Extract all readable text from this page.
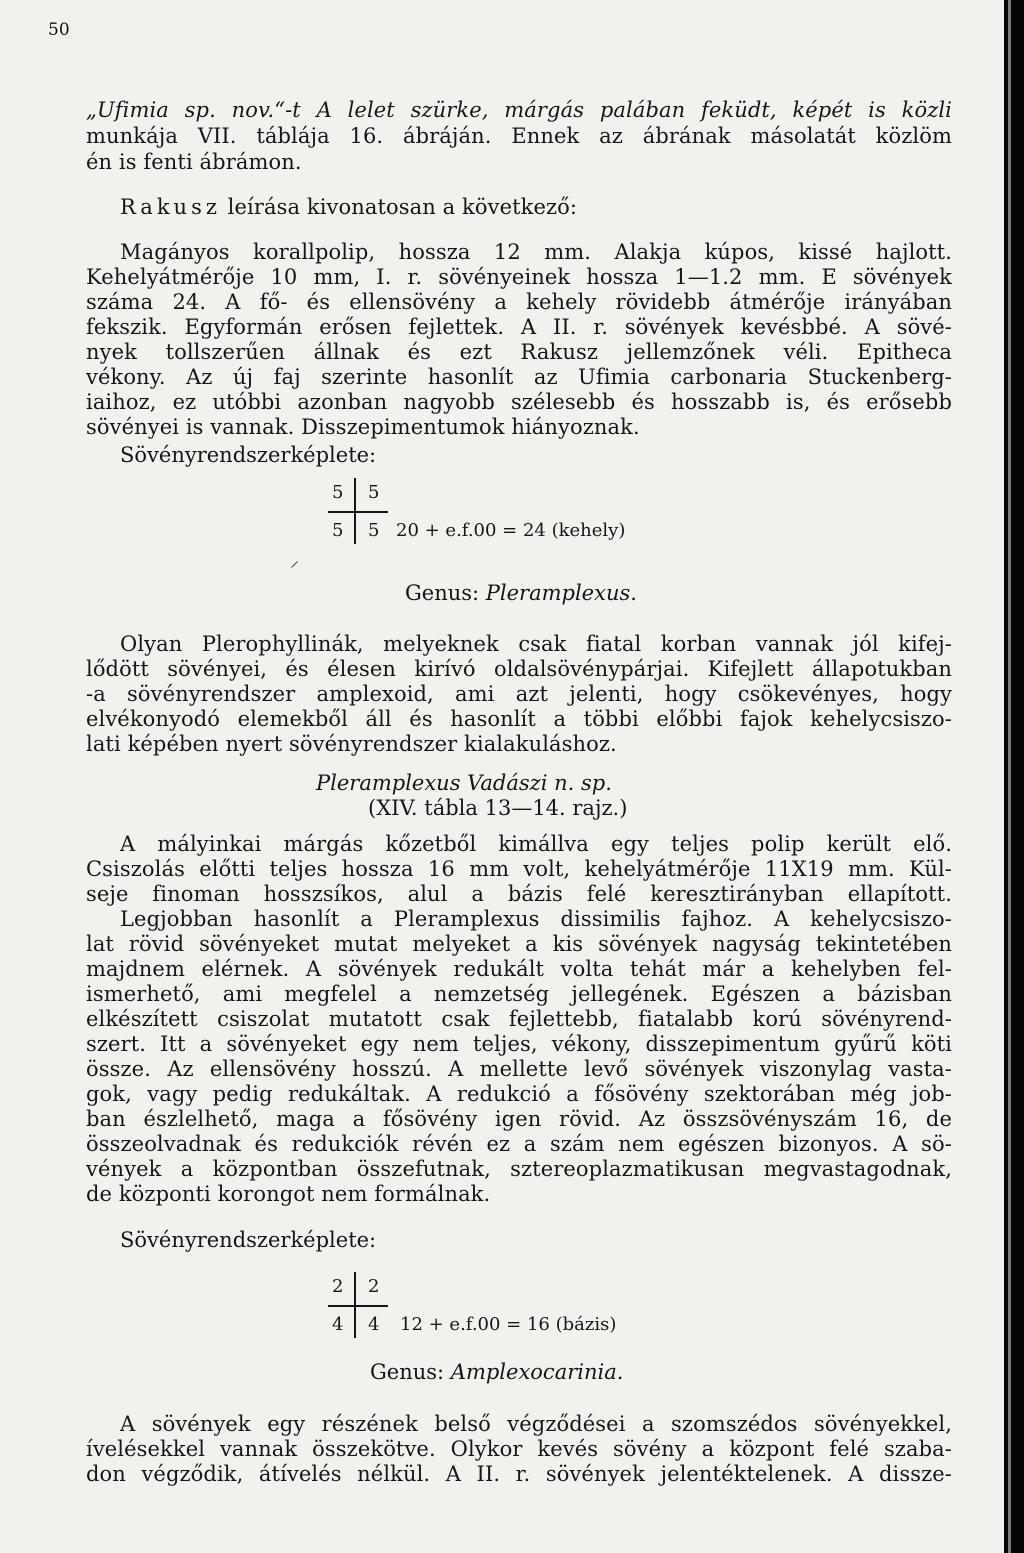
50
„Ufimia sp. nov.“-t A lelet szürke, márgás palában feküdt, képét is közli
munkája VII. táblája 16. ábráján. Ennek az ábrának másolatát közlöm
én is fenti ábrámon.
Rakusz leírása kivonatosan a következő:
Magányos korallpolip, hossza 12 mm. Alakja kúpos, kissé hajlott.
Kehelyátmérője 10 mm, I. r. sövényeinek hossza 1—1.2 mm. E sövények
száma 24. A fő- és ellensövény a kehely rövidebb átmérője irányában
fekszik. Egyformán erősen fejlettek. A II. r. sövények kevésbbé. A sövé-
nyek tollszerűen állnak és ezt Rakusz jellemzőnek véli. Epitheca
vékony. Az új faj szerinte hasonlít az Ufimia carbonaria Stuckenberg-
iaihoz, ez utóbbi azonban nagyobb szélesebb és hosszabb is, és erősebb
sövényei is vannak. Disszepimentumok hiányoznak.
Sövényrendszerképlete:
5 5
5 5 20 + e.f.00 = 24 (kehely)
⸍
Genus: Pleramplexus.
Olyan Plerophyllinák, melyeknek csak fiatal korban vannak jól kifej-
lődött sövényei, és élesen kirívó oldalsövénypárjai. Kifejlett állapotukban
-a sövényrendszer amplexoid, ami azt jelenti, hogy csökevényes, hogy
elvékonyodó elemekből áll és hasonlít a többi előbbi fajok kehelycsiszo-
lati képében nyert sövényrendszer kialakuláshoz.
Pleramplexus Vadászi n. sp.
(XIV. tábla 13—14. rajz.)
A mályinkai márgás kőzetből kimállva egy teljes polip került elő.
Csiszolás előtti teljes hossza 16 mm volt, kehelyátmérője 11X19 mm. Kül-
seje finoman hosszsíkos, alul a bázis felé keresztirányban ellapított.
Legjobban hasonlít a Pleramplexus dissimilis fajhoz. A kehelycsiszo-
lat rövid sövényeket mutat melyeket a kis sövények nagyság tekintetében
majdnem elérnek. A sövények redukált volta tehát már a kehelyben fel-
ismerhető, ami megfelel a nemzetség jellegének. Egészen a bázisban
elkészített csiszolat mutatott csak fejlettebb, fiatalabb korú sövényrend-
szert. Itt a sövényeket egy nem teljes, vékony, disszepimentum gyűrű köti
össze. Az ellensövény hosszú. A mellette levő sövények viszonylag vasta-
gok, vagy pedig redukáltak. A redukció a fősövény szektorában még job-
ban észlelhető, maga a fősövény igen rövid. Az összsövényszám 16, de
összeolvadnak és redukciók révén ez a szám nem egészen bizonyos. A sö-
vények a központban összefutnak, sztereoplazmatikusan megvastagodnak,
de központi korongot nem formálnak.
Sövényrendszerképlete:
2 2
4 4 12 + e.f.00 = 16 (bázis)
Genus: Amplexocarinia.
A sövények egy részének belső végződései a szomszédos sövényekkel,
ívelésekkel vannak összekötve. Olykor kevés sövény a központ felé szaba-
don végződik, átívelés nélkül. A II. r. sövények jelentéktelenek. A dissze-
